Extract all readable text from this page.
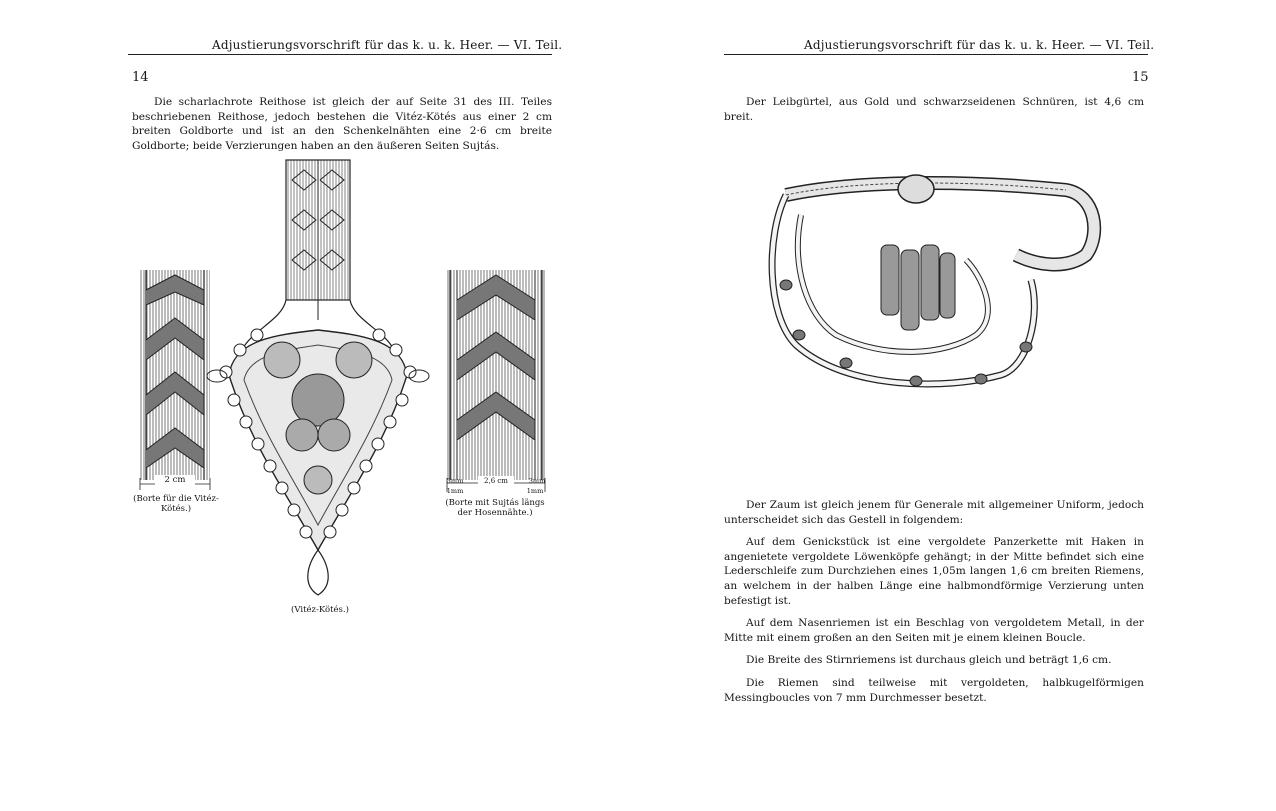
Adjustierungsvorschrift für das k. u. k. Heer. — VI. Teil.
14
Die scharlachrote Reithose ist gleich der auf Seite 31 des III. Teiles beschriebenen Reithose, jedoch bestehen die Vitéz-Kötés aus einer 2 cm breiten Goldborte und ist an den Schenkelnähten eine 2·6 cm breite Goldborte; beide Verzierungen haben an den äußeren Seiten Sujtás.
2 cm
(Borte für die Vitéz-Kötés.)
(Vitéz-Kötés.)
3mm	2,6 cm	3mm
1mm	1mm
(Borte mit Sujtás längs der Hosennähte.)
Adjustierungsvorschrift für das k. u. k. Heer. — VI. Teil.
15
Der Leibgürtel, aus Gold und schwarzseidenen Schnüren, ist 4,6 cm breit.

Der Zaum ist gleich jenem für Generale mit allgemeiner Uniform, jedoch unterscheidet sich das Gestell in folgendem:

Auf dem Genickstück ist eine vergoldete Panzerkette mit Haken in angenietete vergoldete Löwenköpfe gehängt; in der Mitte befindet sich eine Lederschleife zum Durchziehen eines 1,05m langen 1,6 cm breiten Riemens, an welchem in der halben Länge eine halbmondförmige Verzierung unten befestigt ist.

Auf dem Nasenriemen ist ein Beschlag von vergoldetem Metall, in der Mitte mit einem großen an den Seiten mit je einem kleinen Boucle.

Die Breite des Stirnriemens ist durchaus gleich und beträgt 1,6 cm.

Die Riemen sind teilweise mit vergoldeten, halbkugelförmigen Messingboucles von 7 mm Durchmesser besetzt.
